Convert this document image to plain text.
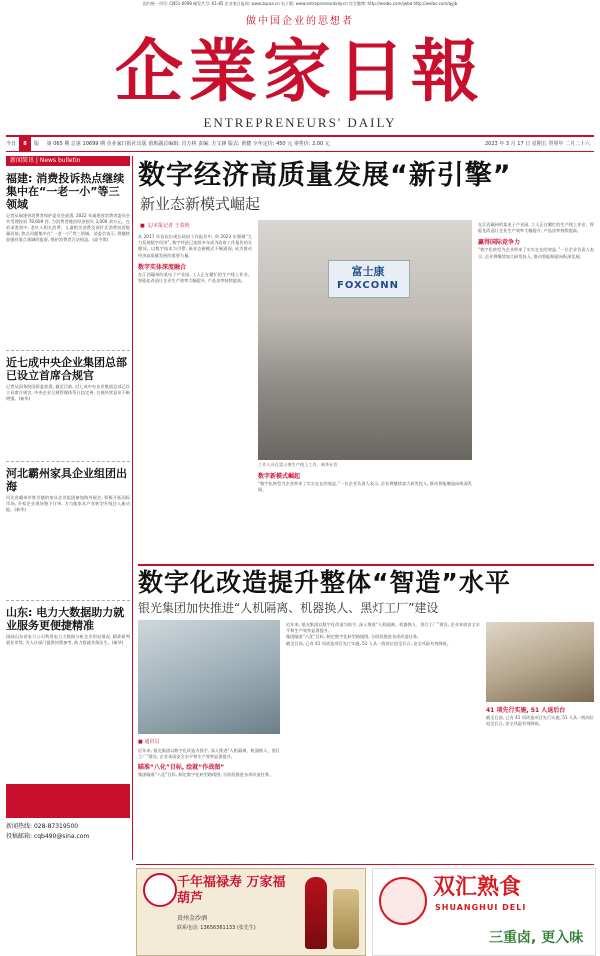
国内统一刊号: CN51-0098 邮发代号: 61-85 企业家日报网: www.zqcaa.cn 电子版: www.entrepreneurdaily.cn 官方微博: http://weibo.com/jwbd http://weibo.com/qyjb
做中国企业的思想者
企業家日報
ENTREPRENEURS' DAILY
今日 8 版 第 065 期 总第 10699 期 企业家日报社出版 值班副总编辑: 肖万林 责编: 方文锋 版式: 黄健 全年定价: 450 元 零售价: 2.00 元	2023 年 3 月 17 日 星期五 癸卯年 二月二十六
新闻简讯 | News bulletin
福建: 消费投诉热点继续集中在“一老一小”等三领域
记者从福建省消费者保护委员会获悉, 2022 年福建省消费者委员会共受理投诉 78,609 件, 为消费者挽回经济损失 3,000 余万元。在诉求类别中, 老年人相关消费、儿童相关消费及预付式消费投诉数量居前, 热点问题集中在“一老一小”等三领域。消委会表示, 将继续加强对重点领域的监督, 维护消费者合法权益。(高宇琪)
近七成中央企业集团总部已设立首席合规官
记者从国务院国资委获悉, 截至目前, 近七成中央企业集团总部已设立首席合规官, 中央企业合规管理体系日趋完善, 合规经营意识不断增强。(新华)
河北霸州家具企业组团出海
河北省霸州市胜芳镇的家具企业组团参加海外展会, 积极开拓国际市场, 多家企业现场签下订单, 为当地家具产业转型升级注入新动能。(新华)
山东: 电力大数据助力就业服务更便捷精准
国网山东省电力公司利用电力大数据分析企业用电情况, 精准研判就业形势, 为人社部门提供决策参考, 助力稳就业保民生。(新华)
新闻热线: 028-87319500
投稿邮箱: cqb490@sina.com
数字经济高质量发展“新引擎”
新业态新模式崛起
■ 文/本报记者 王春艳
从 2017 年首次出现在政府工作报告中, 到 2023 年强调“大力发展数字经济”, 数字经济已连续多年成为政府工作报告的关键词。以数字技术为引擎, 新业态新模式不断涌现, 成为推动经济高质量发展的重要力量。
数字实体深度融合
在江西赣州的某电子产业园, 工人正在繁忙的生产线上作业。智能化改造让企业生产效率大幅提升, 产品良率持续提高。
富士康
FOXCONN
工作人员在富士康生产线上工作。新华社发
数字新模式崛起
“数字化转型为企业带来了实实在在的效益。”一位企业负责人表示, 企业将继续加大研发投入, 推动智能制造向纵深发展。
在江西赣州的某电子产业园, 工人正在繁忙的生产线上作业。智能化改造让企业生产效率大幅提升, 产品良率持续提高。
赢得国际竞争力
“数字化转型为企业带来了实实在在的效益。”一位企业负责人表示, 企业将继续加大研发投入, 推动智能制造向纵深发展。
数字化改造提升整体“智造”水平
银光集团加快推进“人机隔离、机器换人、黑灯工厂”建设
■ 通讯员
近年来, 银光集团以数字化改造为抓手, 深入推进“人机隔离、机器换人、黑灯工厂”建设, 企业本质安全水平和生产效率显著提升。
瞄准“八化”目标, 绘就“作战图”
集团瞄准“八化”目标, 制定数字化转型路线图, 分阶段推进各项改造任务。
近年来, 银光集团以数字化改造为抓手, 深入推进“人机隔离、机器换人、黑灯工厂”建设, 企业本质安全水平和生产效率显著提升。
集团瞄准“八化”目标, 制定数字化转型路线图, 分阶段推进各项改造任务。
截至目前, 已有 41 项改造项目先行实施, 51 人从一线岗位退至后台, 安全风险有效降低。
41 项先行实施, 51 人退后台
截至目前, 已有 41 项改造项目先行实施, 51 人从一线岗位退至后台, 安全风险有效降低。
千年福禄寿 万家福葫芦
贵州金沙酒
联系电话: 13656361133 (张先生)
双汇熟食
SHUANGHUI DELI
三重卤, 更入味
